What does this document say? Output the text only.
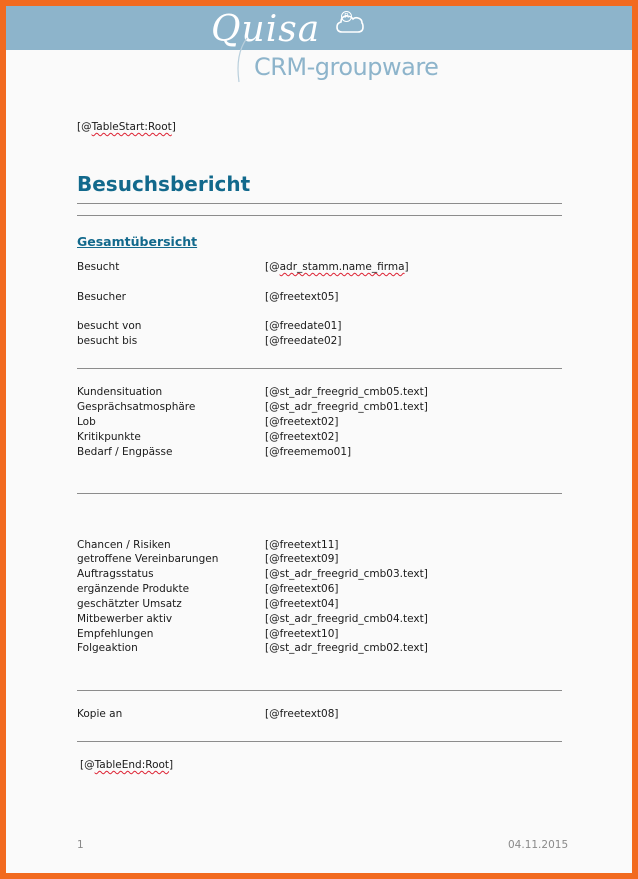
Quisa	R
CRM-groupware
[@TableStart:Root]
Besuchsbericht
Gesamtübersicht
Besucht	[@adr_stamm.name_firma]
Besucher	[@freetext05]
besucht von	[@freedate01]
besucht bis	[@freedate02]
Kundensituation	[@st_adr_freegrid_cmb05.text]
Gesprächsatmosphäre	[@st_adr_freegrid_cmb01.text]
Lob	[@freetext02]
Kritikpunkte	[@freetext02]
Bedarf / Engpässe	[@freememo01]
Chancen / Risiken	[@freetext11]
getroffene Vereinbarungen	[@freetext09]
Auftragsstatus	[@st_adr_freegrid_cmb03.text]
ergänzende Produkte	[@freetext06]
geschätzter Umsatz	[@freetext04]
Mitbewerber aktiv	[@st_adr_freegrid_cmb04.text]
Empfehlungen	[@freetext10]
Folgeaktion	[@st_adr_freegrid_cmb02.text]
Kopie an	[@freetext08]
[@TableEnd:Root]
1	04.11.2015
